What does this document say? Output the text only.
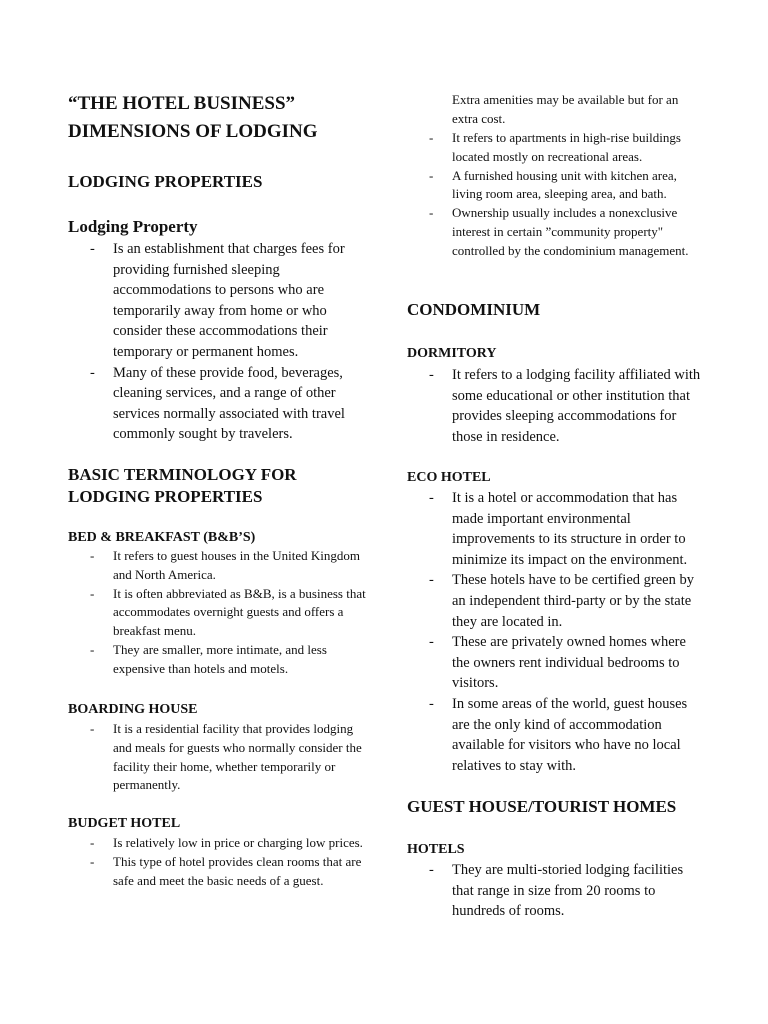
“THE HOTEL BUSINESS”
DIMENSIONS OF LODGING
LODGING PROPERTIES
Lodging Property
- Is an establishment that charges fees for providing furnished sleeping accommodations to persons who are temporarily away from home or who consider these accommodations their temporary or permanent homes.
- Many of these provide food, beverages, cleaning services, and a range of other services normally associated with travel commonly sought by travelers.
BASIC TERMINOLOGY FOR
LODGING PROPERTIES
BED & BREAKFAST (B&B’S)
- It refers to guest houses in the United Kingdom and North America.
- It is often abbreviated as B&B, is a business that accommodates overnight guests and offers a breakfast menu.
- They are smaller, more intimate, and less expensive than hotels and motels.
BOARDING HOUSE
- It is a residential facility that provides lodging and meals for guests who normally consider the facility their home, whether temporarily or permanently.
BUDGET HOTEL
- Is relatively low in price or charging low prices.
- This type of hotel provides clean rooms that are safe and meet the basic needs of a guest.

Extra amenities may be available but for an extra cost.

- It refers to apartments in high-rise buildings located mostly on recreational areas.
- A furnished housing unit with kitchen area, living room area, sleeping area, and bath.
- Ownership usually includes a nonexclusive interest in certain ”community property" controlled by the condominium management.
CONDOMINIUM
DORMITORY
- It refers to a lodging facility affiliated with some educational or other institution that provides sleeping accommodations for those in residence.
ECO HOTEL
- It is a hotel or accommodation that has made important environmental improvements to its structure in order to minimize its impact on the environment.
- These hotels have to be certified green by an independent third-party or by the state they are located in.
- These are privately owned homes where the owners rent individual bedrooms to visitors.
- In some areas of the world, guest houses are the only kind of accommodation available for visitors who have no local relatives to stay with.
GUEST HOUSE/TOURIST HOMES
HOTELS
- They are multi-storied lodging facilities that range in size from 20 rooms to hundreds of rooms.
